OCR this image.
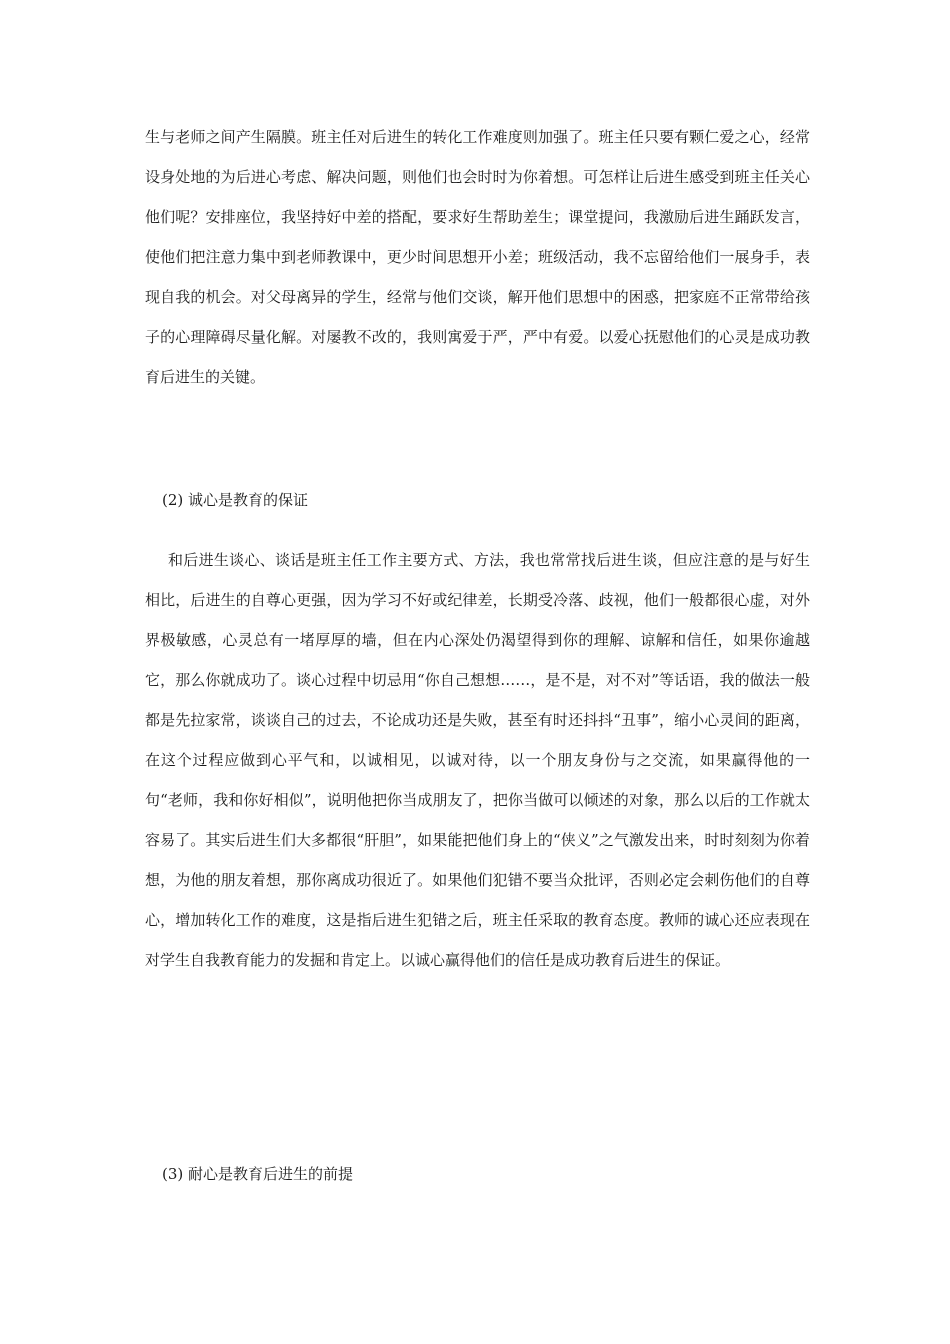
生与老师之间产生隔膜。班主任对后进生的转化工作难度则加强了。班主任只要有颗仁爱之心，经常设身处地的为后进心考虑、解决问题，则他们也会时时为你着想。可怎样让后进生感受到班主任关心他们呢？安排座位，我坚持好中差的搭配，要求好生帮助差生；课堂提问，我激励后进生踊跃发言，使他们把注意力集中到老师教课中，更少时间思想开小差；班级活动，我不忘留给他们一展身手，表现自我的机会。对父母离异的学生，经常与他们交谈，解开他们思想中的困惑，把家庭不正常带给孩子的心理障碍尽量化解。对屡教不改的，我则寓爱于严，严中有爱。以爱心抚慰他们的心灵是成功教育后进生的关键。

(2) 诚心是教育的保证

和后进生谈心、谈话是班主任工作主要方式、方法，我也常常找后进生谈，但应注意的是与好生相比，后进生的自尊心更强，因为学习不好或纪律差，长期受冷落、歧视，他们一般都很心虚，对外界极敏感，心灵总有一堵厚厚的墙，但在内心深处仍渴望得到你的理解、谅解和信任，如果你逾越它，那么你就成功了。谈心过程中切忌用“你自己想想……，是不是，对不对”等话语，我的做法一般都是先拉家常，谈谈自己的过去，不论成功还是失败，甚至有时还抖抖“丑事”，缩小心灵间的距离，在这个过程应做到心平气和，以诚相见，以诚对待，以一个朋友身份与之交流，如果赢得他的一句“老师，我和你好相似”，说明他把你当成朋友了，把你当做可以倾述的对象，那么以后的工作就太容易了。其实后进生们大多都很“肝胆”，如果能把他们身上的“侠义”之气激发出来，时时刻刻为你着想，为他的朋友着想，那你离成功很近了。如果他们犯错不要当众批评，否则必定会刺伤他们的自尊心，增加转化工作的难度，这是指后进生犯错之后，班主任采取的教育态度。教师的诚心还应表现在对学生自我教育能力的发掘和肯定上。以诚心赢得他们的信任是成功教育后进生的保证。

(3) 耐心是教育后进生的前提
